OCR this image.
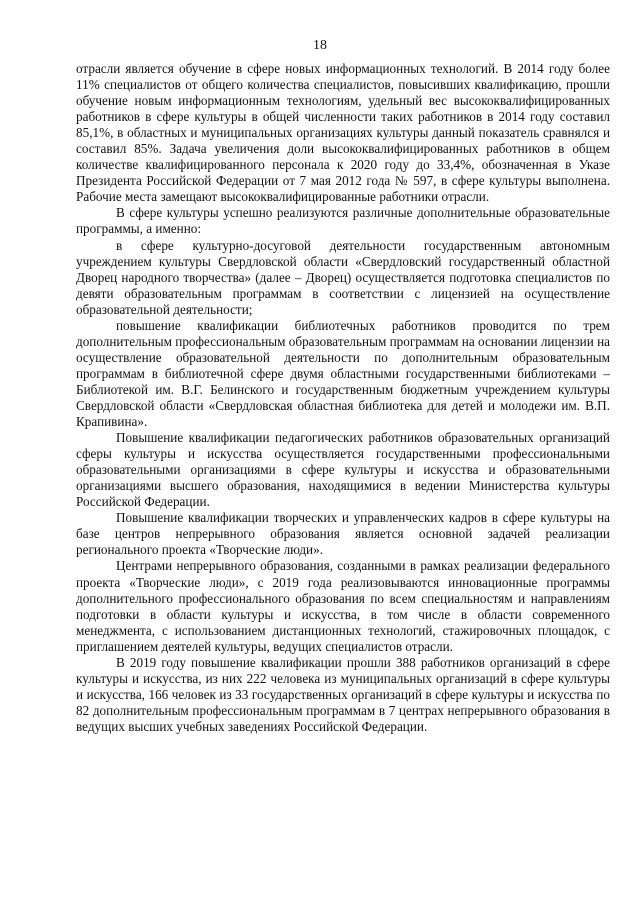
18

отрасли является обучение в сфере новых информационных технологий. В 2014 году более 11% специалистов от общего количества специалистов, повысивших квалификацию, прошли обучение новым информационным технологиям, удельный вес высококвалифицированных работников в сфере культуры в общей численности таких работников в 2014 году составил 85,1%, в областных и муниципальных организациях культуры данный показатель сравнялся и составил 85%. Задача увеличения доли высококвалифицированных работников в общем количестве квалифицированного персонала к 2020 году до 33,4%, обозначенная в Указе Президента Российской Федерации от 7 мая 2012 года № 597, в сфере культуры выполнена. Рабочие места замещают высококвалифицированные работники отрасли.

В сфере культуры успешно реализуются различные дополнительные образовательные программы, а именно:

в сфере культурно-досуговой деятельности государственным автономным учреждением культуры Свердловской области «Свердловский государственный областной Дворец народного творчества» (далее – Дворец) осуществляется подготовка специалистов по девяти образовательным программам в соответствии с лицензией на осуществление образовательной деятельности;

повышение квалификации библиотечных работников проводится по трем дополнительным профессиональным образовательным программам на основании лицензии на осуществление образовательной деятельности по дополнительным образовательным программам в библиотечной сфере двумя областными государственными библиотеками – Библиотекой им. В.Г. Белинского и государственным бюджетным учреждением культуры Свердловской области «Свердловская областная библиотека для детей и молодежи им. В.П. Крапивина».

Повышение квалификации педагогических работников образовательных организаций сферы культуры и искусства осуществляется государственными профессиональными образовательными организациями в сфере культуры и искусства и образовательными организациями высшего образования, находящимися в ведении Министерства культуры Российской Федерации.

Повышение квалификации творческих и управленческих кадров в сфере культуры на базе центров непрерывного образования является основной задачей реализации регионального проекта «Творческие люди».

Центрами непрерывного образования, созданными в рамках реализации федерального проекта «Творческие люди», с 2019 года реализовываются инновационные программы дополнительного профессионального образования по всем специальностям и направлениям подготовки в области культуры и искусства, в том числе в области современного менеджмента, с использованием дистанционных технологий, стажировочных площадок, с приглашением деятелей культуры, ведущих специалистов отрасли.

В 2019 году повышение квалификации прошли 388 работников организаций в сфере культуры и искусства, из них 222 человека из муниципальных организаций в сфере культуры и искусства, 166 человек из 33 государственных организаций в сфере культуры и искусства по 82 дополнительным профессиональным программам в 7 центрах непрерывного образования в ведущих высших учебных заведениях Российской Федерации.
